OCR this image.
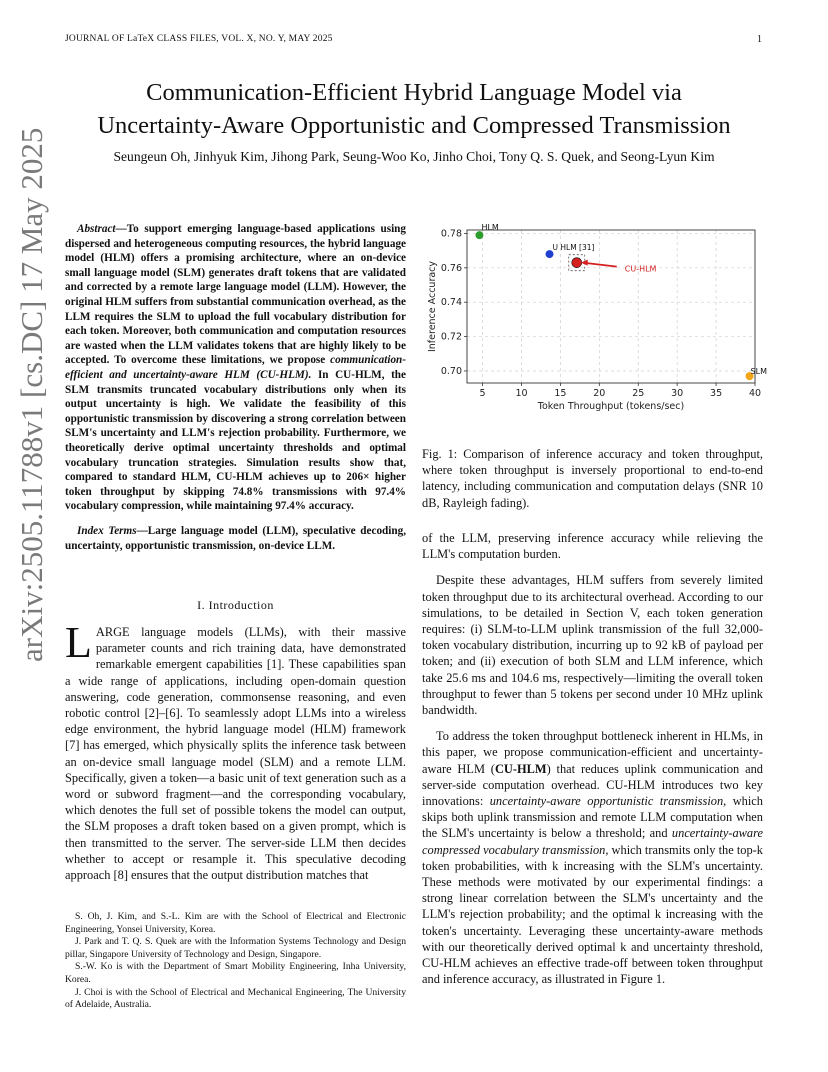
JOURNAL OF LaTeX CLASS FILES, VOL. X, NO. Y, MAY 2025	1
arXiv:2505.11788v1 [cs.DC] 17 May 2025
Communication-Efficient Hybrid Language Model via
Uncertainty-Aware Opportunistic and Compressed Transmission
Seungeun Oh, Jinhyuk Kim, Jihong Park, Seung-Woo Ko, Jinho Choi, Tony Q. S. Quek, and Seong-Lyun Kim
Abstract—To support emerging language-based applications using dispersed and heterogeneous computing resources, the hybrid language model (HLM) offers a promising architecture, where an on-device small language model (SLM) generates draft tokens that are validated and corrected by a remote large language model (LLM). However, the original HLM suffers from substantial communication overhead, as the LLM requires the SLM to upload the full vocabulary distribution for each token. Moreover, both communication and computation resources are wasted when the LLM validates tokens that are highly likely to be accepted. To overcome these limitations, we propose communication-efficient and uncertainty-aware HLM (CU-HLM). In CU-HLM, the SLM transmits truncated vocabulary distributions only when its output uncertainty is high. We validate the feasibility of this opportunistic transmission by discovering a strong correlation between SLM's uncertainty and LLM's rejection probability. Furthermore, we theoretically derive optimal uncertainty thresholds and optimal vocabulary truncation strategies. Simulation results show that, compared to standard HLM, CU-HLM achieves up to 206× higher token throughput by skipping 74.8% transmissions with 97.4% vocabulary compression, while maintaining 97.4% accuracy.
Index Terms—Large language model (LLM), speculative decoding, uncertainty, opportunistic transmission, on-device LLM.
I. Introduction
LARGE language models (LLMs), with their massive parameter counts and rich training data, have demonstrated remarkable emergent capabilities [1]. These capabilities span a wide range of applications, including open-domain question answering, code generation, commonsense reasoning, and even robotic control [2]–[6]. To seamlessly adopt LLMs into a wireless edge environment, the hybrid language model (HLM) framework [7] has emerged, which physically splits the inference task between an on-device small language model (SLM) and a remote LLM. Specifically, given a token—a basic unit of text generation such as a word or subword fragment—and the corresponding vocabulary, which denotes the full set of possible tokens the model can output, the SLM proposes a draft token based on a given prompt, which is then transmitted to the server. The server-side LLM then decides whether to accept or resample it. This speculative decoding approach [8] ensures that the output distribution matches that

S. Oh, J. Kim, and S.-L. Kim are with the School of Electrical and Electronic Engineering, Yonsei University, Korea.

J. Park and T. Q. S. Quek are with the Information Systems Technology and Design pillar, Singapore University of Technology and Design, Singapore.

S.-W. Ko is with the Department of Smart Mobility Engineering, Inha University, Korea.

J. Choi is with the School of Electrical and Mechanical Engineering, The University of Adelaide, Australia.

5	10	15	20	25	30	35	40
0.70
0.72
0.74
0.76
0.78
Token Throughput (tokens/sec)
Inference Accuracy
HLM
U HLM [31]
CU-HLM
SLM
Fig. 1: Comparison of inference accuracy and token throughput, where token throughput is inversely proportional to end-to-end latency, including communication and computation delays (SNR 10 dB, Rayleigh fading).

of the LLM, preserving inference accuracy while relieving the LLM's computation burden.

Despite these advantages, HLM suffers from severely limited token throughput due to its architectural overhead. According to our simulations, to be detailed in Section V, each token generation requires: (i) SLM-to-LLM uplink transmission of the full 32,000-token vocabulary distribution, incurring up to 92 kB of payload per token; and (ii) execution of both SLM and LLM inference, which take 25.6 ms and 104.6 ms, respectively—limiting the overall token throughput to fewer than 5 tokens per second under 10 MHz uplink bandwidth.

To address the token throughput bottleneck inherent in HLMs, in this paper, we propose communication-efficient and uncertainty-aware HLM (CU-HLM) that reduces uplink communication and server-side computation overhead. CU-HLM introduces two key innovations: uncertainty-aware opportunistic transmission, which skips both uplink transmission and remote LLM computation when the SLM's uncertainty is below a threshold; and uncertainty-aware compressed vocabulary transmission, which transmits only the top-k token probabilities, with k increasing with the SLM's uncertainty. These methods were motivated by our experimental findings: a strong linear correlation between the SLM's uncertainty and the LLM's rejection probability; and the optimal k increasing with the token's uncertainty. Leveraging these uncertainty-aware methods with our theoretically derived optimal k and uncertainty threshold, CU-HLM achieves an effective trade-off between token throughput and inference accuracy, as illustrated in Figure 1.
